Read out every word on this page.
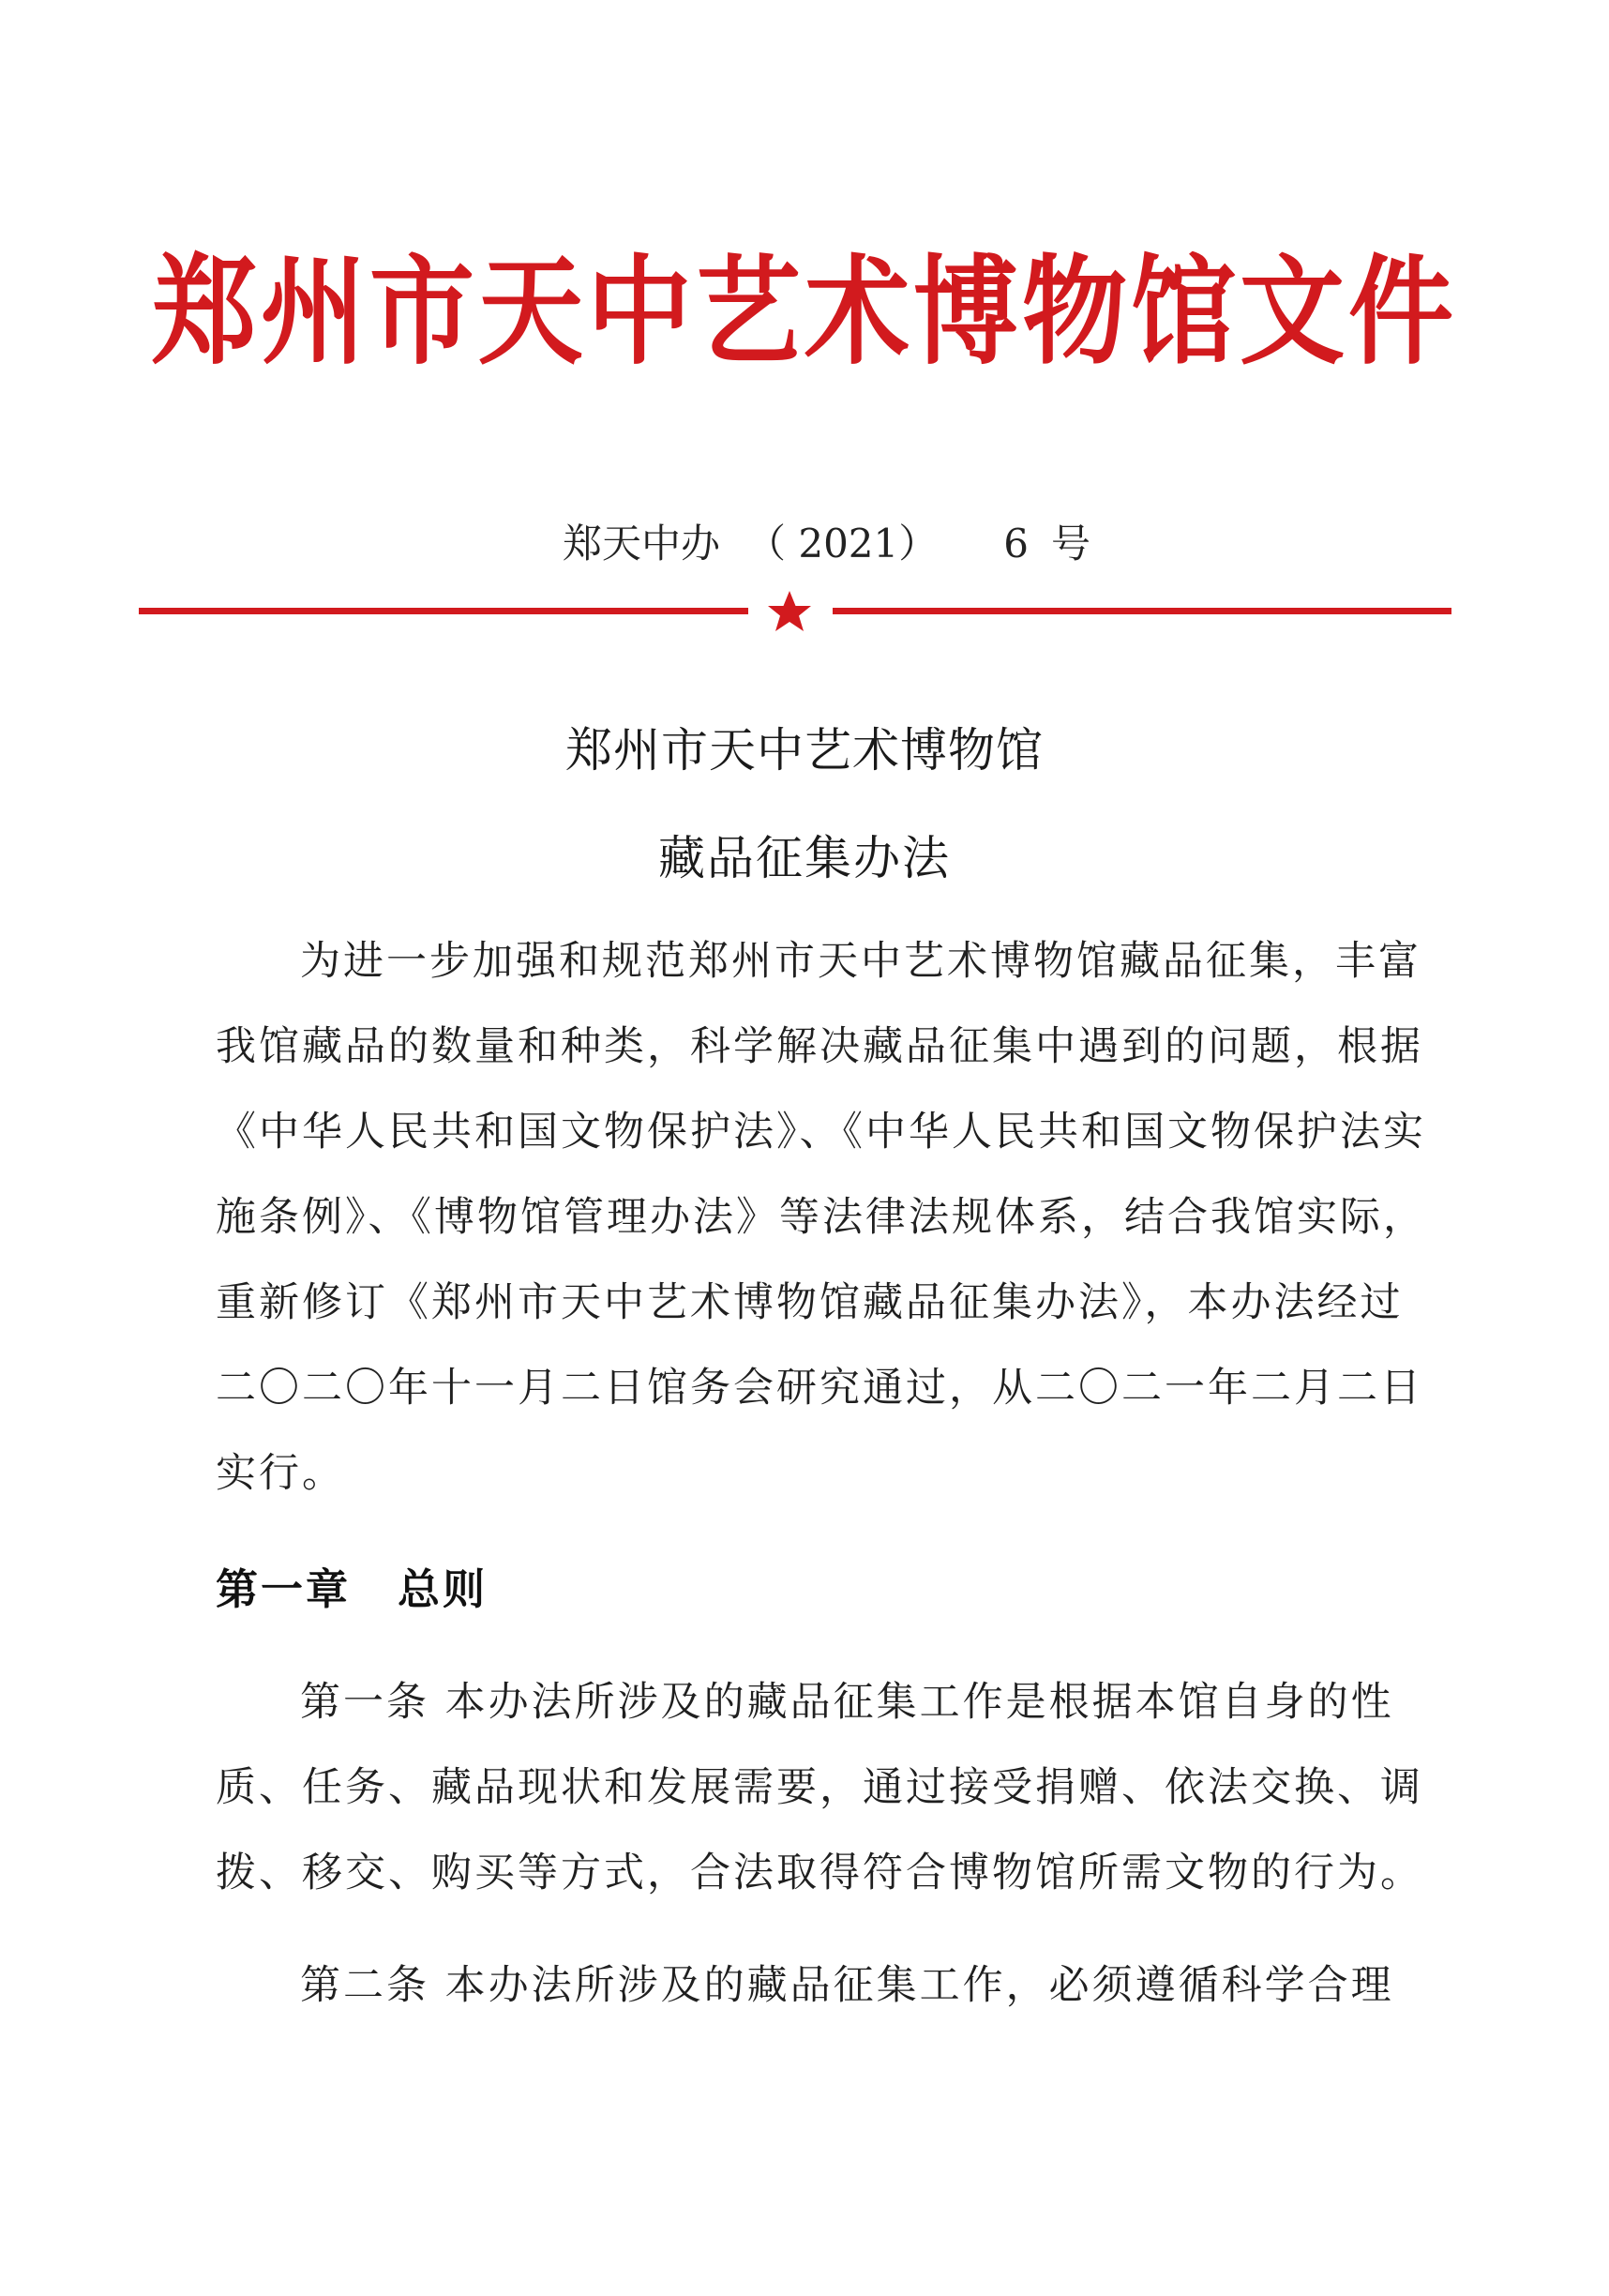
郑州市天中艺术博物馆文件
郑天中办 （ 2021） 6 号
郑州市天中艺术博物馆
藏品征集办法
为进一步加强和规范郑州市天中艺术博物馆藏品征集，丰富
我馆藏品的数量和种类，科学解决藏品征集中遇到的问题，根据
《中华人民共和国文物保护法》、《中华人民共和国文物保护法实
施条例》、《博物馆管理办法》等法律法规体系，结合我馆实际，
重新修订《郑州市天中艺术博物馆藏品征集办法》，本办法经过
二〇二〇年十一月二日馆务会研究通过，从二〇二一年二月二日
实行。
第一章 总则
第一条 本办法所涉及的藏品征集工作是根据本馆自身的性
质、任务、藏品现状和发展需要，通过接受捐赠、依法交换、调
拨、移交、购买等方式，合法取得符合博物馆所需文物的行为。
第二条 本办法所涉及的藏品征集工作，必须遵循科学合理
